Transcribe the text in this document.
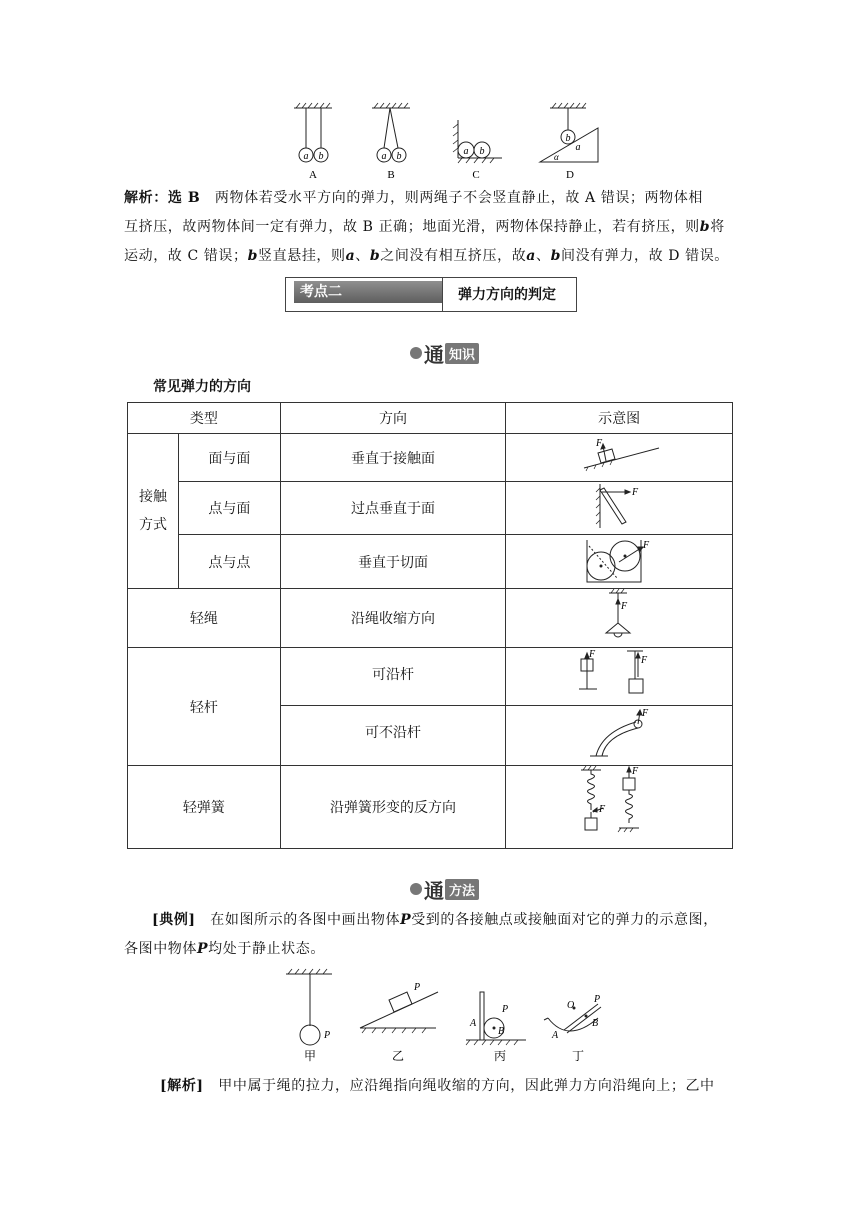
a b	a b	a b
b
a
α
A	B	C	D
解析：选 B　两物体若受水平方向的弹力，则两绳子不会竖直静止，故 A 错误；两物体相
互挤压，故两物体间一定有弹力，故 B 正确；地面光滑，两物体保持静止，若有挤压，则b将
运动，故 C 错误；b竖直悬挂，则a、b之间没有相互挤压，故a、b间没有弹力，故 D 错误。
考点二	弹力方向的判定
通 知识
常见弹力的方向
类型		方向	示意图
接触方式	面与面	垂直于接触面	F

	点与面	过点垂直于面	F

	点与点	垂直于切面	F

轻绳		沿绳收缩方向	F

轻杆		可沿杆	F
F

		可不沿杆	F

轻弹簧		沿弹簧形变的反方向	F
F
通 方法
[典例]　在如图所示的各图中画出物体P受到的各接触点或接触面对它的弹力的示意图，
各图中物体P均处于静止状态。
P
P
P
A
B
O
P
B
A
甲	乙	丙	丁
[解析]　甲中属于绳的拉力，应沿绳指向绳收缩的方向，因此弹力方向沿绳向上；乙中
